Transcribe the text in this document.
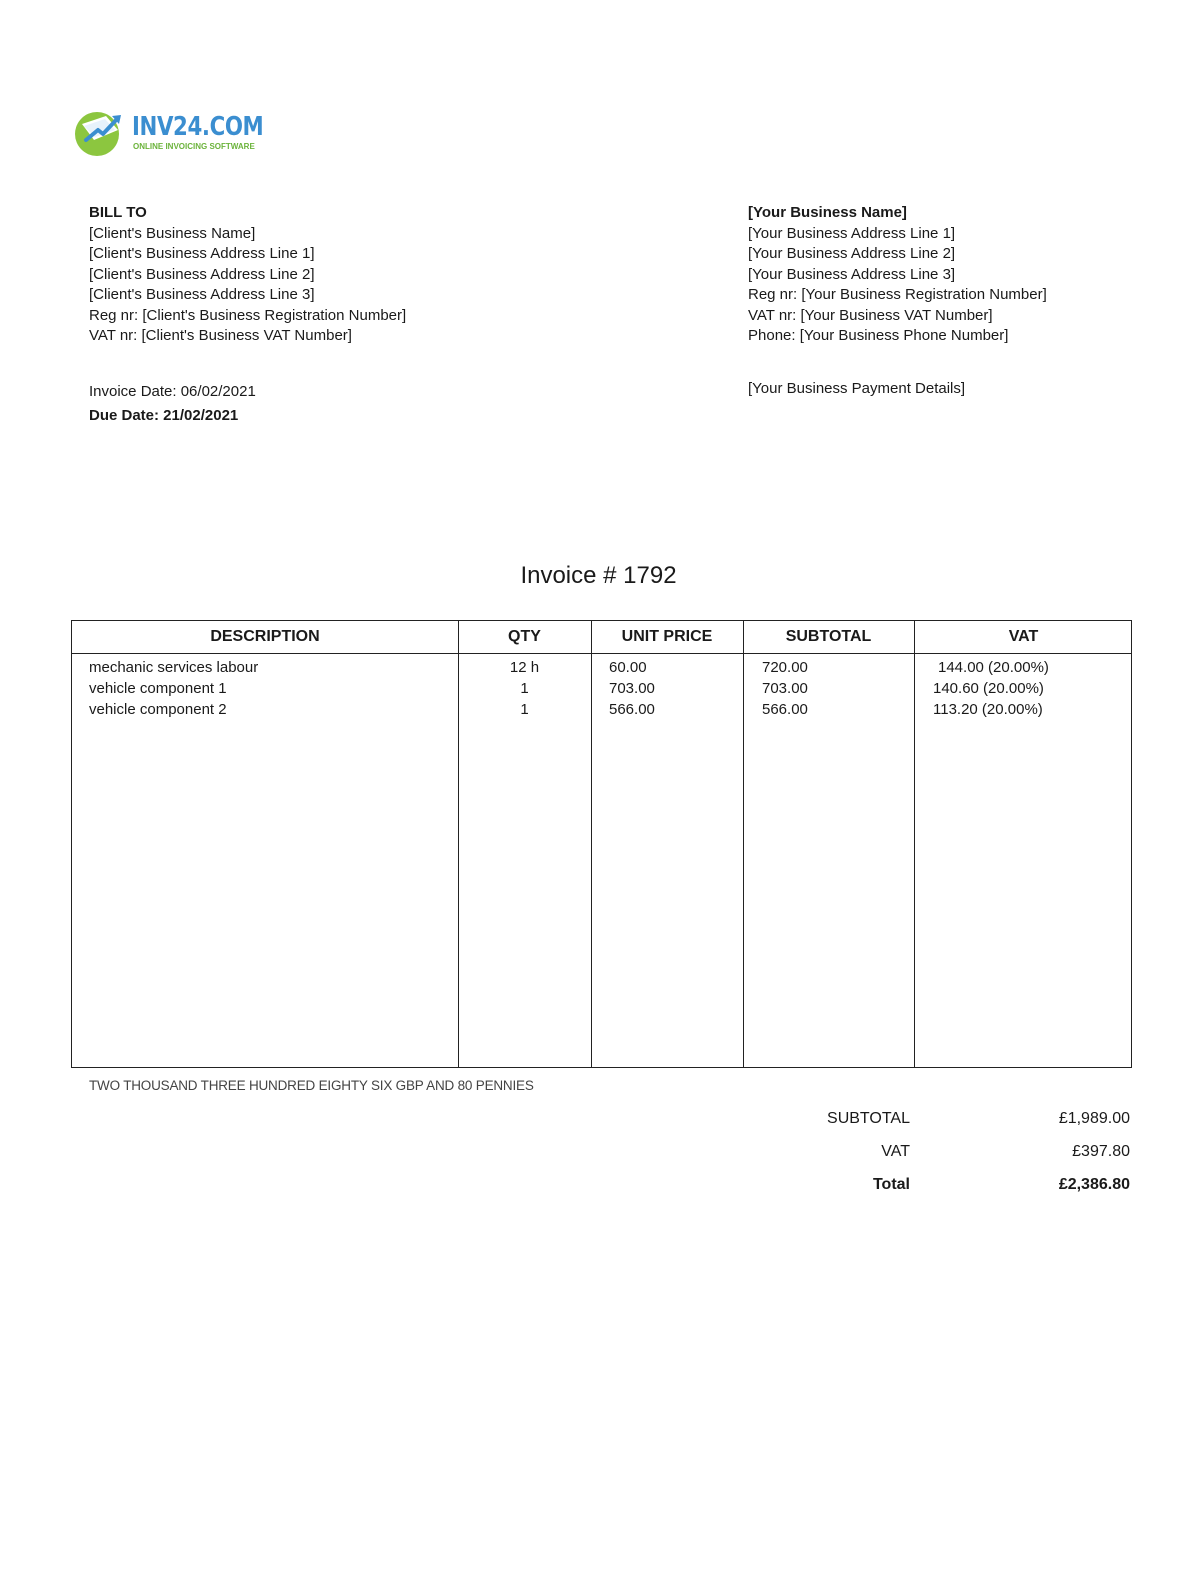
INV24.COM
ONLINE INVOICING SOFTWARE
BILL TO
[Client's Business Name]
[Client's Business Address Line 1]
[Client's Business Address Line 2]
[Client's Business Address Line 3]
Reg nr: [Client's Business Registration Number]
VAT nr: [Client's Business VAT Number]
[Your Business Name]
[Your Business Address Line 1]
[Your Business Address Line 2]
[Your Business Address Line 3]
Reg nr: [Your Business Registration Number]
VAT nr: [Your Business VAT Number]
Phone: [Your Business Phone Number]
Invoice Date: 06/02/2021
Due Date: 21/02/2021
[Your Business Payment Details]
Invoice # 1792
DESCRIPTION	QTY	UNIT PRICE	SUBTOTAL	VAT
mechanic services labour	12 h	60.00	720.00	144.00 (20.00%)
vehicle component 1	1	703.00	703.00	140.60 (20.00%)
vehicle component 2	1	566.00	566.00	113.20 (20.00%)
TWO THOUSAND THREE HUNDRED EIGHTY SIX GBP AND 80 PENNIES
SUBTOTAL	£1,989.00
VAT	£397.80
Total	£2,386.80
